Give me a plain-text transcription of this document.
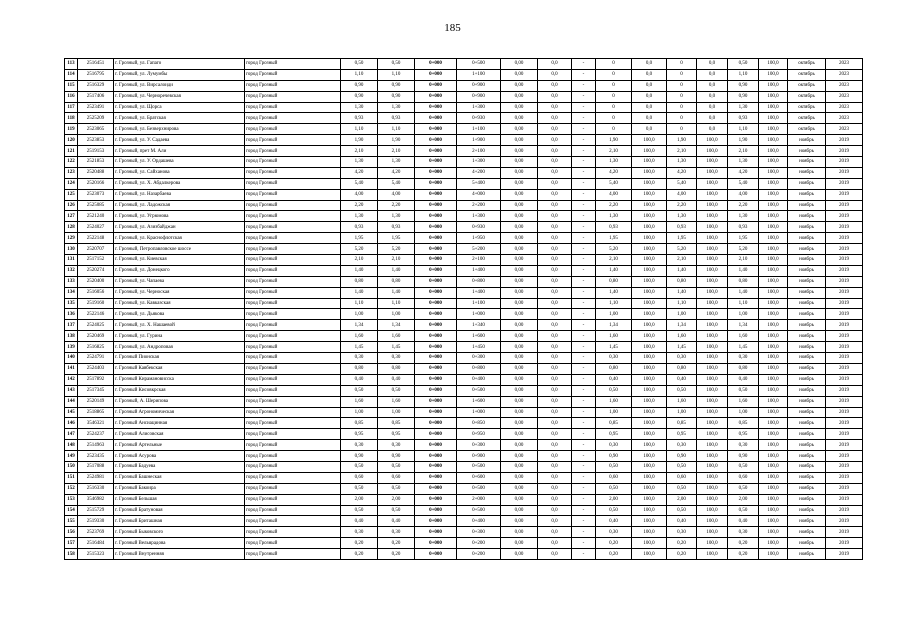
185
113	2516451	г. Грозный, ул. Гапаго	город Грозный	0,50	0,50	0+000	0+500	0,00	0,0	-	0	0,0	0	0,0	0,50	100,0	октябрь	2023
114	2516795	г. Грозный, ул. Лумумбы	город Грозный	1,10	1,10	0+000	1+100	0,00	0,0	-	0	0,0	0	0,0	1,10	100,0	октябрь	2023
115	2516329	г. Грозный, ул. Вирсалоиди	город Грозный	0,90	0,90	0+000	0+900	0,00	0,0	-	0	0,0	0	0,0	0,90	100,0	октябрь	2023
116	2517406	г. Грозный, ул. Черноречевская	город Грозный	0,90	0,90	0+000	0+900	0,00	0,0	-	0	0,0	0	0,0	0,90	100,0	октябрь	2023
117	2523491	г. Грозный, ул. Щорса	город Грозный	1,30	1,30	0+000	1+300	0,00	0,0	-	0	0,0	0	0,0	1,30	100,0	октябрь	2023
118	2525209	г. Грозный, ул. Братская	город Грозный	0,93	0,93	0+000	0+930	0,00	0,0	-	0	0,0	0	0,0	0,93	100,0	октябрь	2023
119	2523065	г. Грозный, ул. Безверхнирова	город Грозный	1,10	1,10	0+000	1+100	0,00	0,0	-	0	0,0	0	0,0	1,10	100,0	октябрь	2023
120	2523853	г. Грозный, ул. У. Садаева	город Грозный	1,90	1,90	0+000	1+900	0,00	0,0	-	1,90	100,0	1,90	100,0	1,90	100,0	ноябрь	2019
121	2519153	г. Грозный, прет М. Али	город Грозный	2,10	2,10	0+000	2+100	0,00	0,0	-	2,10	100,0	2,10	100,0	2,10	100,0	ноябрь	2019
122	2521853	г. Грозный, ул. У. Ордашева	город Грозный	1,30	1,30	0+000	1+300	0,00	0,0	-	1,30	100,0	1,30	100,0	1,30	100,0	ноябрь	2019
123	2520488	г. Грозный, ул. Сайханова	город Грозный	4,20	4,20	0+000	4+200	0,00	0,0	-	4,20	100,0	4,20	100,0	4,20	100,0	ноябрь	2019
124	2520166	г. Грозный, ул. Х. Абдалкерова	город Грозный	5,40	5,40	0+000	5+400	0,00	0,0	-	5,40	100,0	5,40	100,0	5,40	100,0	ноябрь	2019
125	2523073	г. Грозный, ул. Назарбаева	город Грозный	4,00	4,00	0+000	4+000	0,00	0,0	-	4,00	100,0	4,00	100,0	4,00	100,0	ноябрь	2019
126	2525085	г. Грозный, ул. Ладожская	город Грозный	2,20	2,20	0+000	2+200	0,00	0,0	-	2,20	100,0	2,20	100,0	2,20	100,0	ноябрь	2019
127	2521240	г. Грозный, ул. Угрюмова	город Грозный	1,30	1,30	0+000	1+300	0,00	0,0	-	1,30	100,0	1,30	100,0	1,30	100,0	ноябрь	2019
128	2524027	г. Грозный, ул. Азизбайджан	город Грозный	0,93	0,93	0+000	0+930	0,00	0,0	-	0,93	100,0	0,93	100,0	0,93	100,0	ноябрь	2019
129	2522148	г. Грозный, ул. Краснофлотская	город Грозный	1,95	1,95	0+000	1+950	0,00	0,0	-	1,95	100,0	1,95	100,0	1,95	100,0	ноябрь	2019
130	2520707	г. Грозный, Петропавловское шоссе	город Грозный	5,20	5,20	0+000	5+200	0,00	0,0	-	5,20	100,0	5,20	100,0	5,20	100,0	ноябрь	2019
131	2517152	г. Грозный, ул. Киевская	город Грозный	2,10	2,10	0+000	2+100	0,00	0,0	-	2,10	100,0	2,10	100,0	2,10	100,0	ноябрь	2019
132	2520274	г. Грозный, ул. Донецкого	город Грозный	1,40	1,40	0+000	1+400	0,00	0,0	-	1,40	100,0	1,40	100,0	1,40	100,0	ноябрь	2019
133	2520400	г. Грозный, ул. Чапаева	город Грозный	0,80	0,80	0+000	0+800	0,00	0,0	-	0,80	100,0	0,80	100,0	0,80	100,0	ноябрь	2019
134	2516056	г. Грозный, ул. Черноская	город Грозный	1,40	1,40	0+000	1+400	0,00	0,0	-	1,40	100,0	1,40	100,0	1,40	100,0	ноябрь	2019
135	2519160	г. Грозный, ул. Кавказская	город Грозный	1,10	1,10	0+000	1+100	0,00	0,0	-	1,10	100,0	1,10	100,0	1,10	100,0	ноябрь	2019
136	2522146	г. Грозный, ул. Дьякова	город Грозный	1,00	1,00	0+000	1+000	0,00	0,0	-	1,00	100,0	1,00	100,0	1,00	100,0	ноябрь	2019
137	2524025	г. Грозный, ул. Х. Нашаевой	город Грозный	1,34	1,34	0+000	1+340	0,00	0,0	-	1,34	100,0	1,34	100,0	1,34	100,0	ноябрь	2019
138	2520469	г. Грозный, ул. Гурина	город Грозный	1,60	1,60	0+000	1+600	0,00	0,0	-	1,60	100,0	1,60	100,0	1,60	100,0	ноябрь	2019
139	2516825	г. Грозный, ул. Андроповая	город Грозный	1,45	1,45	0+000	1+450	0,00	0,0	-	1,45	100,0	1,45	100,0	1,45	100,0	ноябрь	2019
140	2524791	г. Грозный Пионская	город Грозный	0,30	0,30	0+000	0+300	0,00	0,0	-	0,30	100,0	0,30	100,0	0,30	100,0	ноябрь	2019
141	2524403	г. Грозный Кавбекская	город Грозный	0,80	0,80	0+000	0+800	0,00	0,0	-	0,80	100,0	0,80	100,0	0,80	100,0	ноябрь	2019
142	2517892	г. Грозный Кирамановисска	город Грозный	0,40	0,40	0+000	0+400	0,00	0,0	-	0,40	100,0	0,40	100,0	0,40	100,0	ноябрь	2019
143	2517345	г. Грозный Кисовкрская	город Грозный	0,50	0,50	0+000	0+500	0,00	0,0	-	0,50	100,0	0,50	100,0	0,50	100,0	ноябрь	2019
144	2520149	г. Грозный, А. Шерипова	город Грозный	1,60	1,60	0+000	1+600	0,00	0,0	-	1,60	100,0	1,60	100,0	1,60	100,0	ноябрь	2019
145	2518865	г. Грозный Агрономическая	город Грозный	1,00	1,00	0+000	1+000	0,00	0,0	-	1,00	100,0	1,00	100,0	1,00	100,0	ноябрь	2019
146	3546321	г. Грозный Ансиацинная	город Грозный	0,85	0,85	0+000	0+850	0,00	0,0	-	0,85	100,0	0,85	100,0	0,85	100,0	ноябрь	2019
147	2524237	г. Грозный Алисовская	город Грозный	0,95	0,95	0+000	0+950	0,00	0,0	-	0,95	100,0	0,95	100,0	0,95	100,0	ноябрь	2019
148	2514963	г. Грозный Артельные	город Грозный	0,30	0,30	0+000	0+300	0,00	0,0	-	0,30	100,0	0,30	100,0	0,30	100,0	ноябрь	2019
149	2523435	г. Грозный Асурова	город Грозный	0,90	0,90	0+000	0+900	0,00	0,0	-	0,90	100,0	0,90	100,0	0,90	100,0	ноябрь	2019
150	2517088	г. Грозный Бадуева	город Грозный	0,50	0,50	0+000	0+500	0,00	0,0	-	0,50	100,0	0,50	100,0	0,50	100,0	ноябрь	2019
151	2524981	г. Грозный Башнеская	город Грозный	0,60	0,60	0+000	0+600	0,00	0,0	-	0,60	100,0	0,60	100,0	0,60	100,0	ноябрь	2019
152	2516330	г. Грозный Бакоира	город Грозный	0,50	0,50	0+000	0+500	0,00	0,0	-	0,50	100,0	0,50	100,0	0,50	100,0	ноябрь	2019
153	3546982	г. Грозный Бельшая	город Грозный	2,00	2,00	0+000	2+000	0,00	0,0	-	2,00	100,0	2,00	100,0	2,00	100,0	ноябрь	2019
154	2515729	г. Грозный Братуновая	город Грозный	0,50	0,50	0+000	0+500	0,00	0,0	-	0,50	100,0	0,50	100,0	0,50	100,0	ноябрь	2019
155	2519330	г. Грозный Бриташная	город Грозный	0,40	0,40	0+000	0+400	0,00	0,0	-	0,40	100,0	0,40	100,0	0,40	100,0	ноябрь	2019
156	2523769	г. Грозный Быковского	город Грозный	0,30	0,30	0+000	0+300	0,00	0,0	-	0,30	100,0	0,30	100,0	0,30	100,0	ноябрь	2019
157	2516484	г. Грозный Вельврадова	город Грозный	0,20	0,20	0+000	0+200	0,00	0,0	-	0,20	100,0	0,20	100,0	0,20	100,0	ноябрь	2019
158	2515323	г. Грозный Внутренняя	город Грозный	0,20	0,20	0+000	0+200	0,00	0,0	-	0,20	100,0	0,20	100,0	0,20	100,0	ноябрь	2019
